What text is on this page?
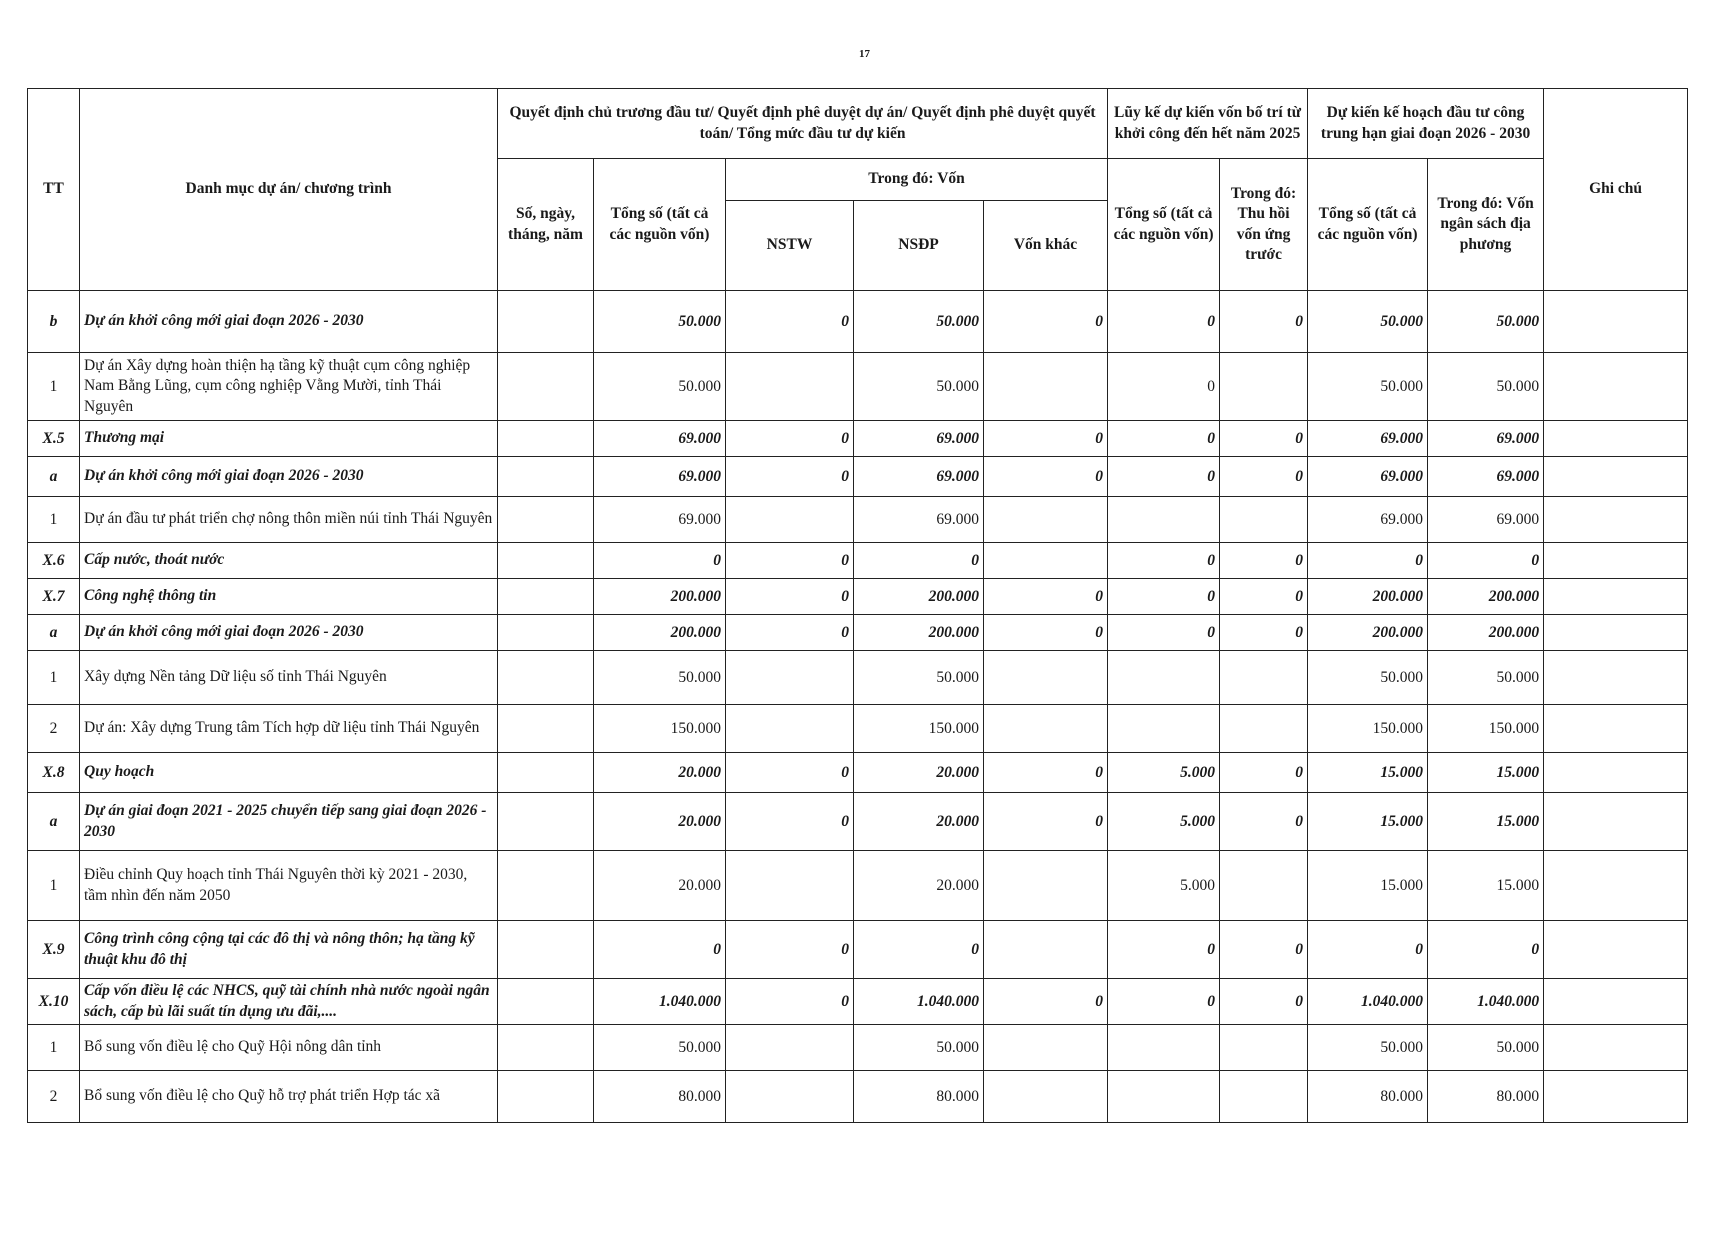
17
TT	Danh mục dự án/ chương trình	Quyết định chủ trương đầu tư/ Quyết định phê duyệt dự án/ Quyết định phê duyệt quyết toán/ Tổng mức đầu tư dự kiến					Lũy kế dự kiến vốn bố trí từ khởi công đến hết năm 2025		Dự kiến kế hoạch đầu tư công trung hạn giai đoạn 2026 - 2030		Ghi chú
		Số, ngày, tháng, năm	Tổng số (tất cả các nguồn vốn)	Trong đó: Vốn			Tổng số (tất cả các nguồn vốn)	Trong đó: Thu hồi vốn ứng trước	Tổng số (tất cả các nguồn vốn)	Trong đó: Vốn ngân sách địa phương	
				NSTW	NSĐP	Vốn khác					
b	Dự án khởi công mới giai đoạn 2026 - 2030		50.000	0	50.000	0	0	0	50.000	50.000	
1	Dự án Xây dựng hoàn thiện hạ tầng kỹ thuật cụm công nghiệp Nam Bằng Lũng, cụm công nghiệp Vằng Mười, tỉnh Thái Nguyên		50.000		50.000		0		50.000	50.000	
X.5	Thương mại		69.000	0	69.000	0	0	0	69.000	69.000	
a	Dự án khởi công mới giai đoạn 2026 - 2030		69.000	0	69.000	0	0	0	69.000	69.000	
1	Dự án đầu tư phát triển chợ nông thôn miền núi tỉnh Thái Nguyên		69.000		69.000				69.000	69.000	
X.6	Cấp nước, thoát nước		0	0	0		0	0	0	0	
X.7	Công nghệ thông tin		200.000	0	200.000	0	0	0	200.000	200.000	
a	Dự án khởi công mới giai đoạn 2026 - 2030		200.000	0	200.000	0	0	0	200.000	200.000	
1	Xây dựng Nền tảng Dữ liệu số tỉnh Thái Nguyên		50.000		50.000				50.000	50.000	
2	Dự án: Xây dựng Trung tâm Tích hợp dữ liệu tỉnh Thái Nguyên		150.000		150.000				150.000	150.000	
X.8	Quy hoạch		20.000	0	20.000	0	5.000	0	15.000	15.000	
a	Dự án giai đoạn 2021 - 2025 chuyển tiếp sang giai đoạn 2026 - 2030		20.000	0	20.000	0	5.000	0	15.000	15.000	
1	Điều chỉnh Quy hoạch tỉnh Thái Nguyên thời kỳ 2021 - 2030, tầm nhìn đến năm 2050		20.000		20.000		5.000		15.000	15.000	
X.9	Công trình công cộng tại các đô thị và nông thôn; hạ tầng kỹ thuật khu đô thị		0	0	0		0	0	0	0	
X.10	Cấp vốn điều lệ các NHCS, quỹ tài chính nhà nước ngoài ngân sách, cấp bù lãi suất tín dụng ưu đãi,....		1.040.000	0	1.040.000	0	0	0	1.040.000	1.040.000	
1	Bổ sung vốn điều lệ cho Quỹ Hội nông dân tỉnh		50.000		50.000				50.000	50.000	
2	Bổ sung vốn điều lệ cho Quỹ hỗ trợ phát triển Hợp tác xã		80.000		80.000				80.000	80.000	
